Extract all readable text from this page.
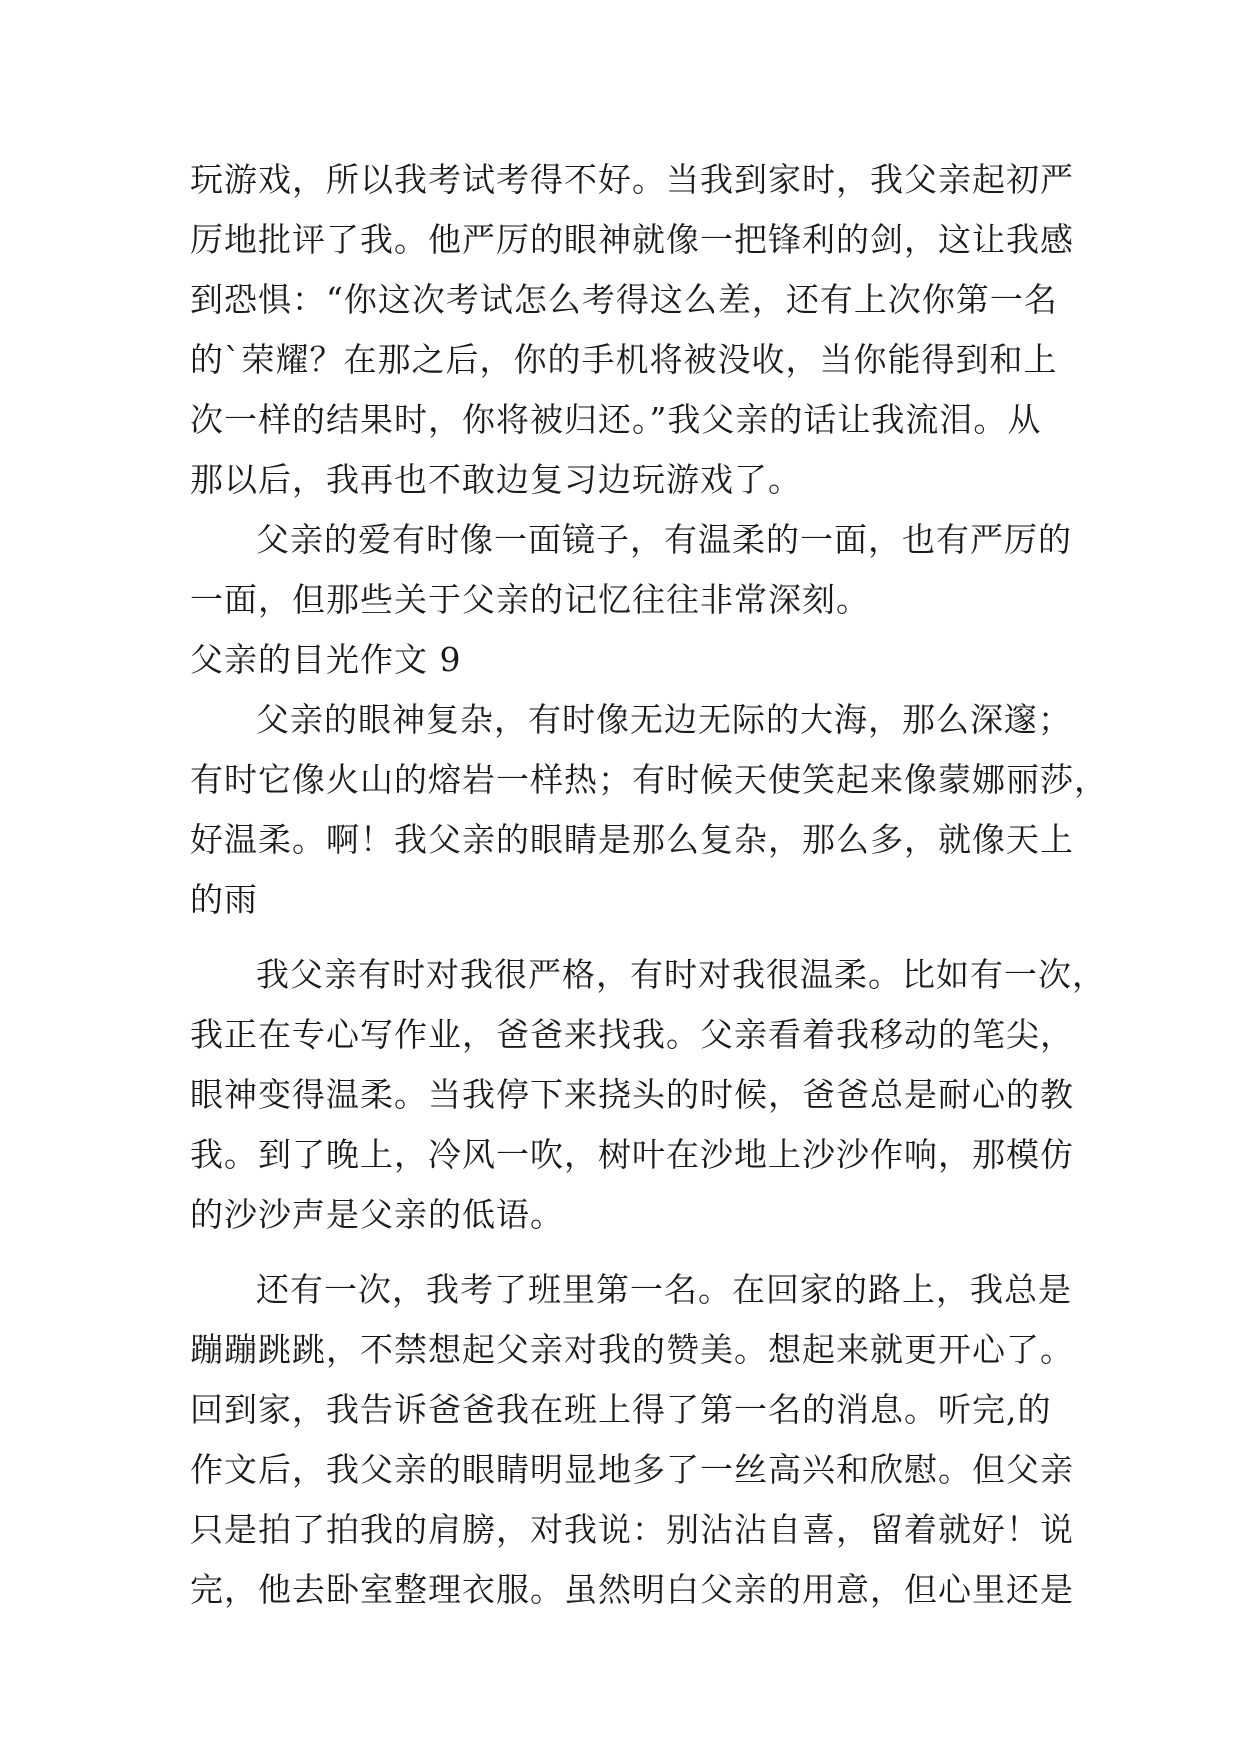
玩游戏，所以我考试考得不好。当我到家时，我父亲起初严
厉地批评了我。他严厉的眼神就像一把锋利的剑，这让我感
到恐惧：“你这次考试怎么考得这么差，还有上次你第一名
的`荣耀？在那之后，你的手机将被没收，当你能得到和上
次一样的结果时，你将被归还。”我父亲的话让我流泪。从
那以后，我再也不敢边复习边玩游戏了。
父亲的爱有时像一面镜子，有温柔的一面，也有严厉的
一面，但那些关于父亲的记忆往往非常深刻。
父亲的目光作文 9
父亲的眼神复杂，有时像无边无际的大海，那么深邃；
有时它像火山的熔岩一样热；有时候天使笑起来像蒙娜丽莎，
好温柔。啊！我父亲的眼睛是那么复杂，那么多，就像天上
的雨
我父亲有时对我很严格，有时对我很温柔。比如有一次，
我正在专心写作业，爸爸来找我。父亲看着我移动的笔尖，
眼神变得温柔。当我停下来挠头的时候，爸爸总是耐心的教
我。到了晚上，冷风一吹，树叶在沙地上沙沙作响，那模仿
的沙沙声是父亲的低语。
还有一次，我考了班里第一名。在回家的路上，我总是
蹦蹦跳跳，不禁想起父亲对我的赞美。想起来就更开心了。
回到家，我告诉爸爸我在班上得了第一名的消息。听完,的
作文后，我父亲的眼睛明显地多了一丝高兴和欣慰。但父亲
只是拍了拍我的肩膀，对我说：别沾沾自喜，留着就好！说
完，他去卧室整理衣服。虽然明白父亲的用意，但心里还是
